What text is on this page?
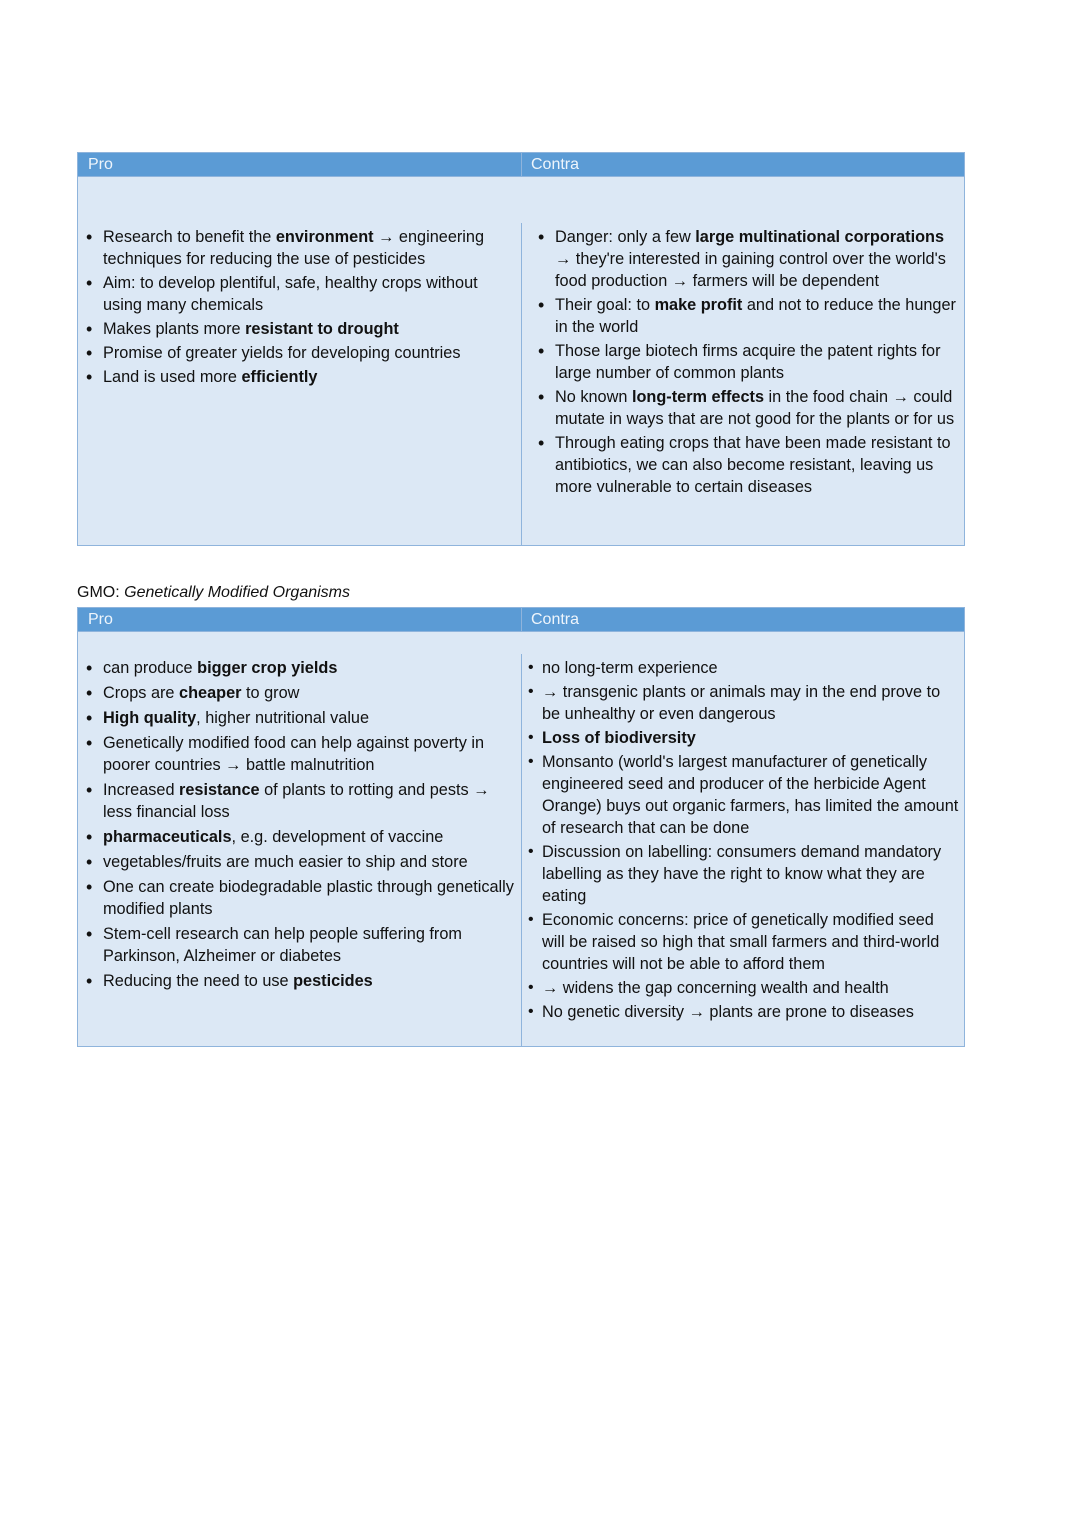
Pro	Contra
• Research to benefit the environment → engineering techniques for reducing the use of pesticides
• Aim: to develop plentiful, safe, healthy crops without using many chemicals
• Makes plants more resistant to drought
• Promise of greater yields for developing countries
• Land is used more efficiently
• Danger: only a few large multinational corporations → they're interested in gaining control over the world's food production → farmers will be dependent
• Their goal: to make profit and not to reduce the hunger in the world
• Those large biotech firms acquire the patent rights for large number of common plants
• No known long-term effects in the food chain → could mutate in ways that are not good for the plants or for us
• Through eating crops that have been made resistant to antibiotics, we can also become resistant, leaving us more vulnerable to certain diseases
GMO: Genetically Modified Organisms
Pro	Contra
• can produce bigger crop yields
• Crops are cheaper to grow
• High quality, higher nutritional value
• Genetically modified food can help against poverty in poorer countries → battle malnutrition
• Increased resistance of plants to rotting and pests → less financial loss
• pharmaceuticals, e.g. development of vaccine
• vegetables/fruits are much easier to ship and store
• One can create biodegradable plastic through genetically modified plants
• Stem-cell research can help people suffering from Parkinson, Alzheimer or diabetes
• Reducing the need to use pesticides
• no long-term experience
• → transgenic plants or animals may in the end prove to be unhealthy or even dangerous
• Loss of biodiversity
• Monsanto (world's largest manufacturer of genetically engineered seed and producer of the herbicide Agent Orange) buys out organic farmers, has limited the amount of research that can be done
• Discussion on labelling: consumers demand mandatory labelling as they have the right to know what they are eating
• Economic concerns: price of genetically modified seed will be raised so high that small farmers and third-world countries will not be able to afford them
• → widens the gap concerning wealth and health
• No genetic diversity → plants are prone to diseases
